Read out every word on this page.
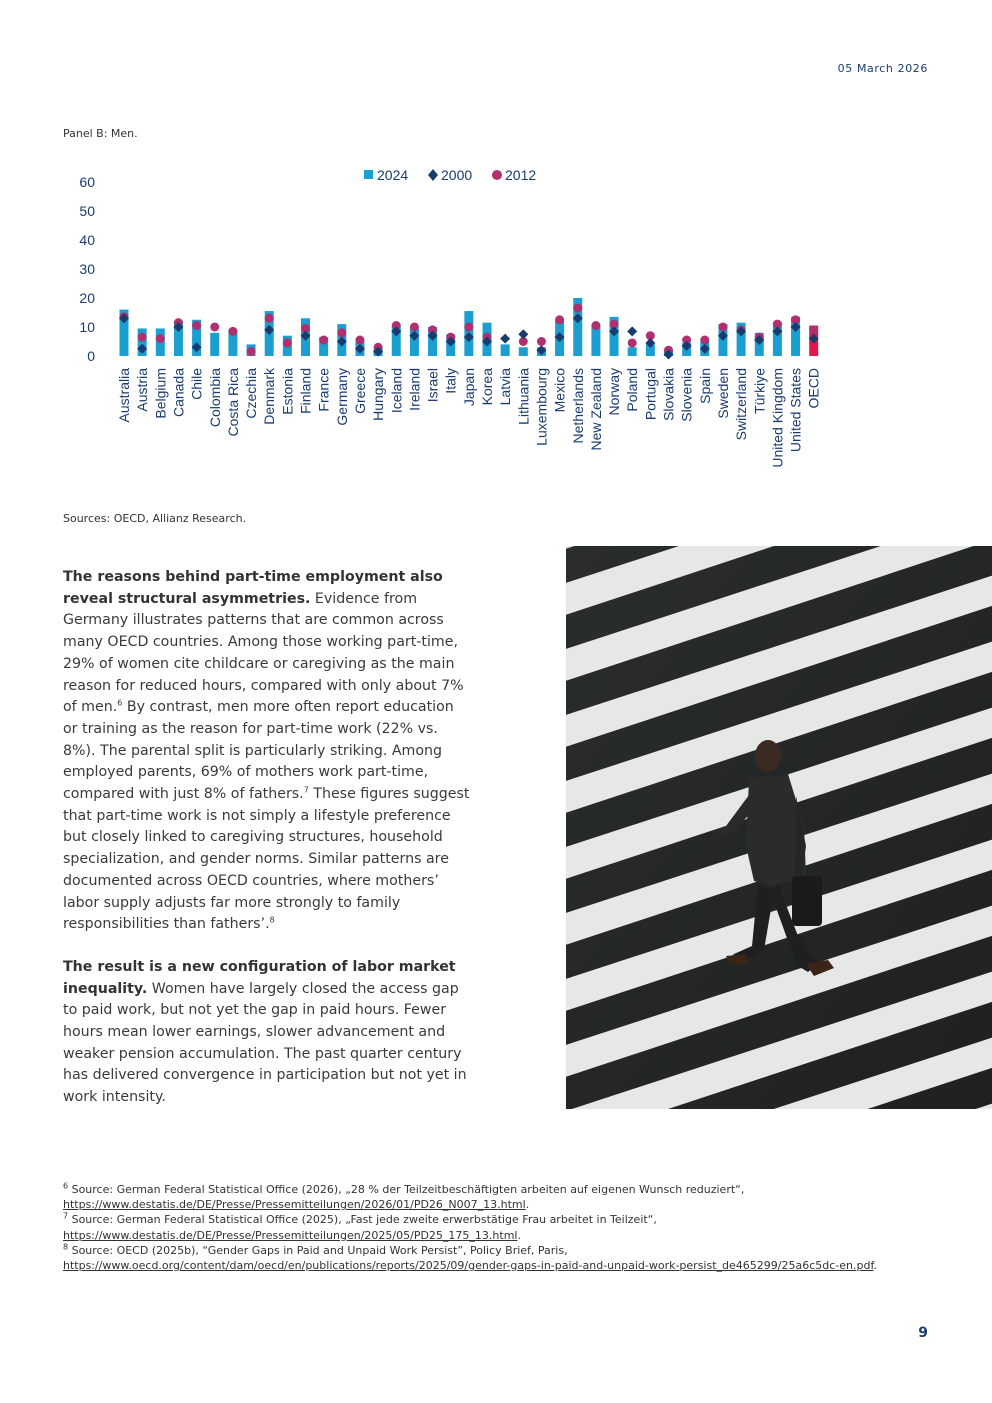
05 March 2026
Panel B: Men.
0
10
20
30
40
50
60	2024 2000 2012
Australia Austria Belgium Canada Chile Colombia Costa Rica Czechia Denmark Estonia Finland France Germany Greece Hungary Iceland Ireland Israel Italy Japan Korea Latvia Lithuania Luxembourg Mexico Netherlands New Zealand Norway Poland Portugal Slovakia Slovenia Spain Sweden Switzerland Türkiye United Kingdom United States OECD
Sources: OECD, Allianz Research.

The reasons behind part-time employment also reveal structural asymmetries. Evidence from Germany illustrates patterns that are common across many OECD countries. Among those working part-time, 29% of women cite childcare or caregiving as the main reason for reduced hours, compared with only about 7% of men.$^6$ By contrast, men more often report education or training as the reason for part-time work (22% vs. 8%). The parental split is particularly striking. Among employed parents, 69% of mothers work part-time, compared with just 8% of fathers.$^7$ These figures suggest that part-time work is not simply a lifestyle preference but closely linked to caregiving structures, household specialization, and gender norms. Similar patterns are documented across OECD countries, where mothers’ labor supply adjusts far more strongly to family responsibilities than fathers’.$^8$

The result is a new configuration of labor market inequality. Women have largely closed the access gap to paid work, but not yet the gap in paid hours. Fewer hours mean lower earnings, slower advancement and weaker pension accumulation. The past quarter century has delivered convergence in participation but not yet in work intensity.

$^6$ Source: German Federal Statistical Office (2026), „28 % der Teilzeitbeschäftigten arbeiten auf eigenen Wunsch reduziert“, https://www.destatis.de/DE/Presse/Pressemitteilungen/2026/01/PD26_N007_13.html.
$^7$ Source: German Federal Statistical Office (2025), „Fast jede zweite erwerbstätige Frau arbeitet in Teilzeit“, https://www.destatis.de/DE/Presse/Pressemitteilungen/2025/05/PD25_175_13.html.
$^8$ Source: OECD (2025b), “Gender Gaps in Paid and Unpaid Work Persist”, Policy Brief, Paris, https://www.oecd.org/content/dam/oecd/en/publications/reports/2025/09/gender-gaps-in-paid-and-unpaid-work-persist_de465299/25a6c5dc-en.pdf.
9
